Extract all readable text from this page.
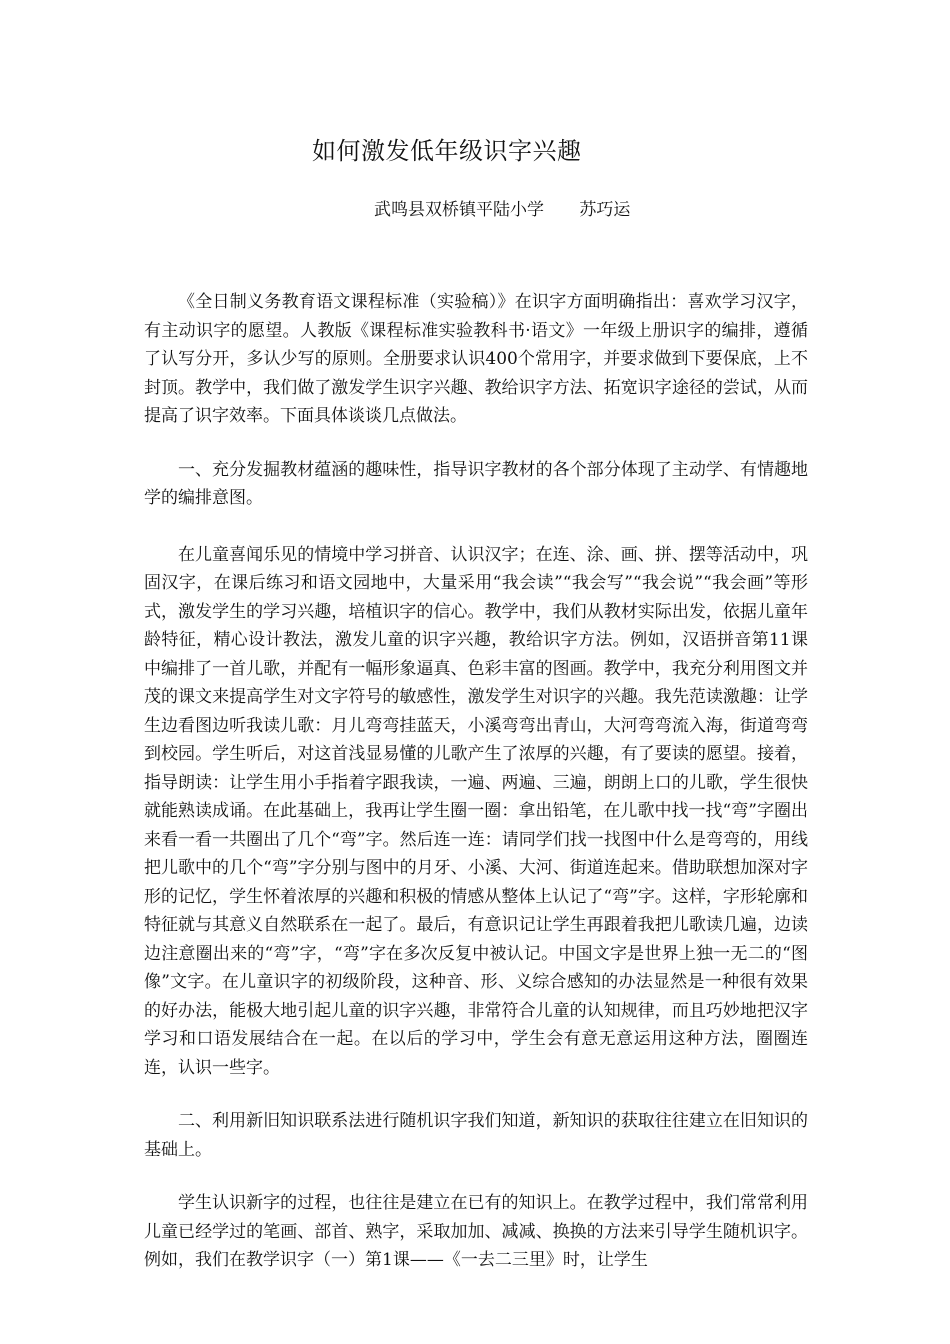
如何激发低年级识字兴趣
武鸣县双桥镇平陆小学 苏巧运

《全日制义务教育语文课程标准（实验稿）》在识字方面明确指出：喜欢学习汉字，有主动识字的愿望。人教版《课程标准实验教科书·语文》一年级上册识字的编排，遵循了认写分开，多认少写的原则。全册要求认识400个常用字，并要求做到下要保底，上不封顶。教学中，我们做了激发学生识字兴趣、教给识字方法、拓宽识字途径的尝试，从而提高了识字效率。下面具体谈谈几点做法。

一、充分发掘教材蕴涵的趣味性，指导识字教材的各个部分体现了主动学、有情趣地学的编排意图。

在儿童喜闻乐见的情境中学习拼音、认识汉字；在连、涂、画、拼、摆等活动中，巩固汉字，在课后练习和语文园地中，大量采用“我会读”“我会写”“我会说”“我会画”等形式，激发学生的学习兴趣，培植识字的信心。教学中，我们从教材实际出发，依据儿童年龄特征，精心设计教法，激发儿童的识字兴趣，教给识字方法。例如，汉语拼音第11课中编排了一首儿歌，并配有一幅形象逼真、色彩丰富的图画。教学中，我充分利用图文并茂的课文来提高学生对文字符号的敏感性，激发学生对识字的兴趣。我先范读激趣：让学生边看图边听我读儿歌：月儿弯弯挂蓝天，小溪弯弯出青山，大河弯弯流入海，街道弯弯到校园。学生听后，对这首浅显易懂的儿歌产生了浓厚的兴趣，有了要读的愿望。接着，指导朗读：让学生用小手指着字跟我读，一遍、两遍、三遍，朗朗上口的儿歌，学生很快就能熟读成诵。在此基础上，我再让学生圈一圈：拿出铅笔，在儿歌中找一找“弯”字圈出来看一看一共圈出了几个“弯”字。然后连一连：请同学们找一找图中什么是弯弯的，用线把儿歌中的几个“弯”字分别与图中的月牙、小溪、大河、街道连起来。借助联想加深对字形的记忆，学生怀着浓厚的兴趣和积极的情感从整体上认记了“弯”字。这样，字形轮廓和特征就与其意义自然联系在一起了。最后，有意识记让学生再跟着我把儿歌读几遍，边读边注意圈出来的“弯”字，“弯”字在多次反复中被认记。中国文字是世界上独一无二的“图像”文字。在儿童识字的初级阶段，这种音、形、义综合感知的办法显然是一种很有效果的好办法，能极大地引起儿童的识字兴趣，非常符合儿童的认知规律，而且巧妙地把汉字学习和口语发展结合在一起。在以后的学习中，学生会有意无意运用这种方法，圈圈连连，认识一些字。

二、利用新旧知识联系法进行随机识字我们知道，新知识的获取往往建立在旧知识的基础上。

学生认识新字的过程，也往往是建立在已有的知识上。在教学过程中，我们常常利用儿童已经学过的笔画、部首、熟字，采取加加、减减、换换的方法来引导学生随机识字。例如，我们在教学识字（一）第1课——《一去二三里》时，让学生
